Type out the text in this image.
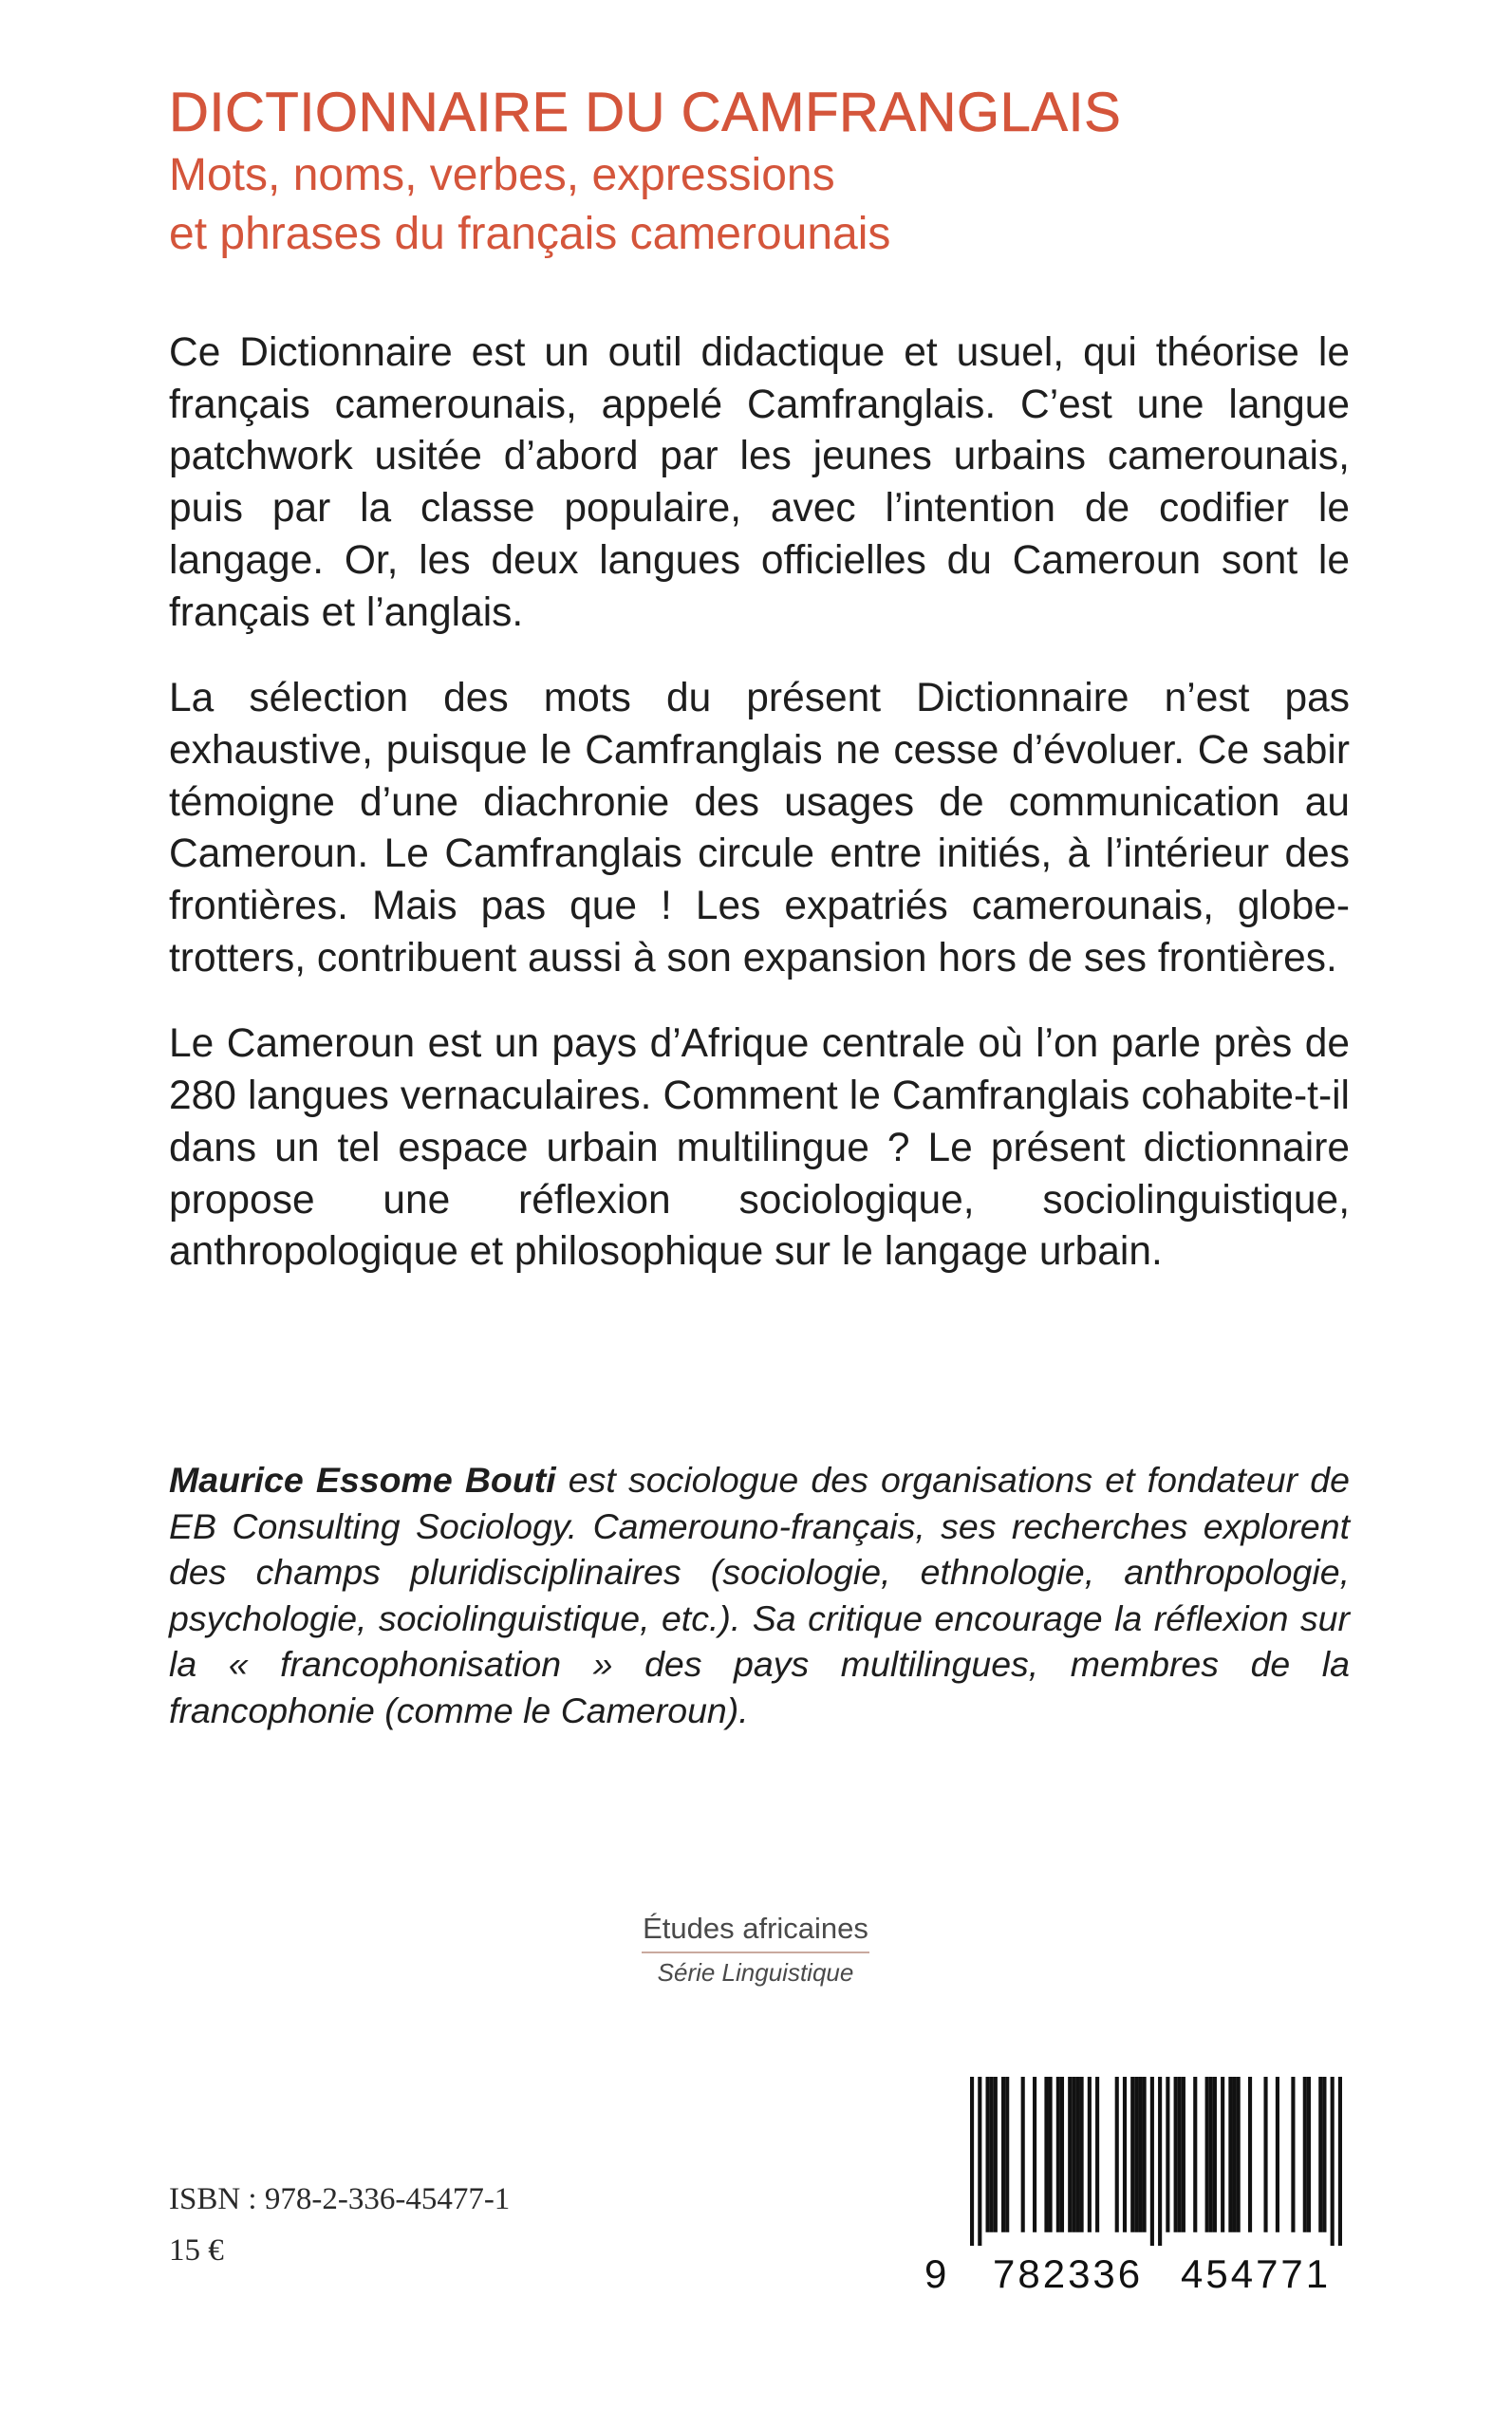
DICTIONNAIRE DU CAMFRANGLAIS

Mots, noms, verbes, expressions

et phrases du français camerounais

Ce Dictionnaire est un outil didactique et usuel, qui théorise le français camerounais, appelé Camfranglais. C’est une langue patchwork usitée d’abord par les jeunes urbains camerounais, puis par la classe populaire, avec l’intention de codifier le langage. Or, les deux langues officielles du Cameroun sont le français et l’anglais.

La sélection des mots du présent Dictionnaire n’est pas exhaustive, puisque le Camfranglais ne cesse d’évoluer. Ce sabir témoigne d’une diachronie des usages de communication au Cameroun. Le Camfranglais circule entre initiés, à l’intérieur des frontières. Mais pas que ! Les expatriés camerounais, globe-trotters, contribuent aussi à son expansion hors de ses frontières.

Le Cameroun est un pays d’Afrique centrale où l’on parle près de 280 langues vernaculaires. Comment le Camfranglais cohabite-t-il dans un tel espace urbain multilingue ? Le présent dictionnaire propose une réflexion sociologique, sociolinguistique, anthropologique et philosophique sur le langage urbain.

Maurice Essome Bouti est sociologue des organisations et fondateur de EB Consulting Sociology. Camerouno-français, ses recherches explorent des champs pluridisciplinaires (sociologie, ethnologie, anthropologie, psychologie, sociolinguistique, etc.). Sa critique encourage la réflexion sur la « francophonisation » des pays multilingues, membres de la francophonie (comme le Cameroun).

Études africaines
Série Linguistique
ISBN : 978-2-336-45477-1
15 €
9 782336 454771
